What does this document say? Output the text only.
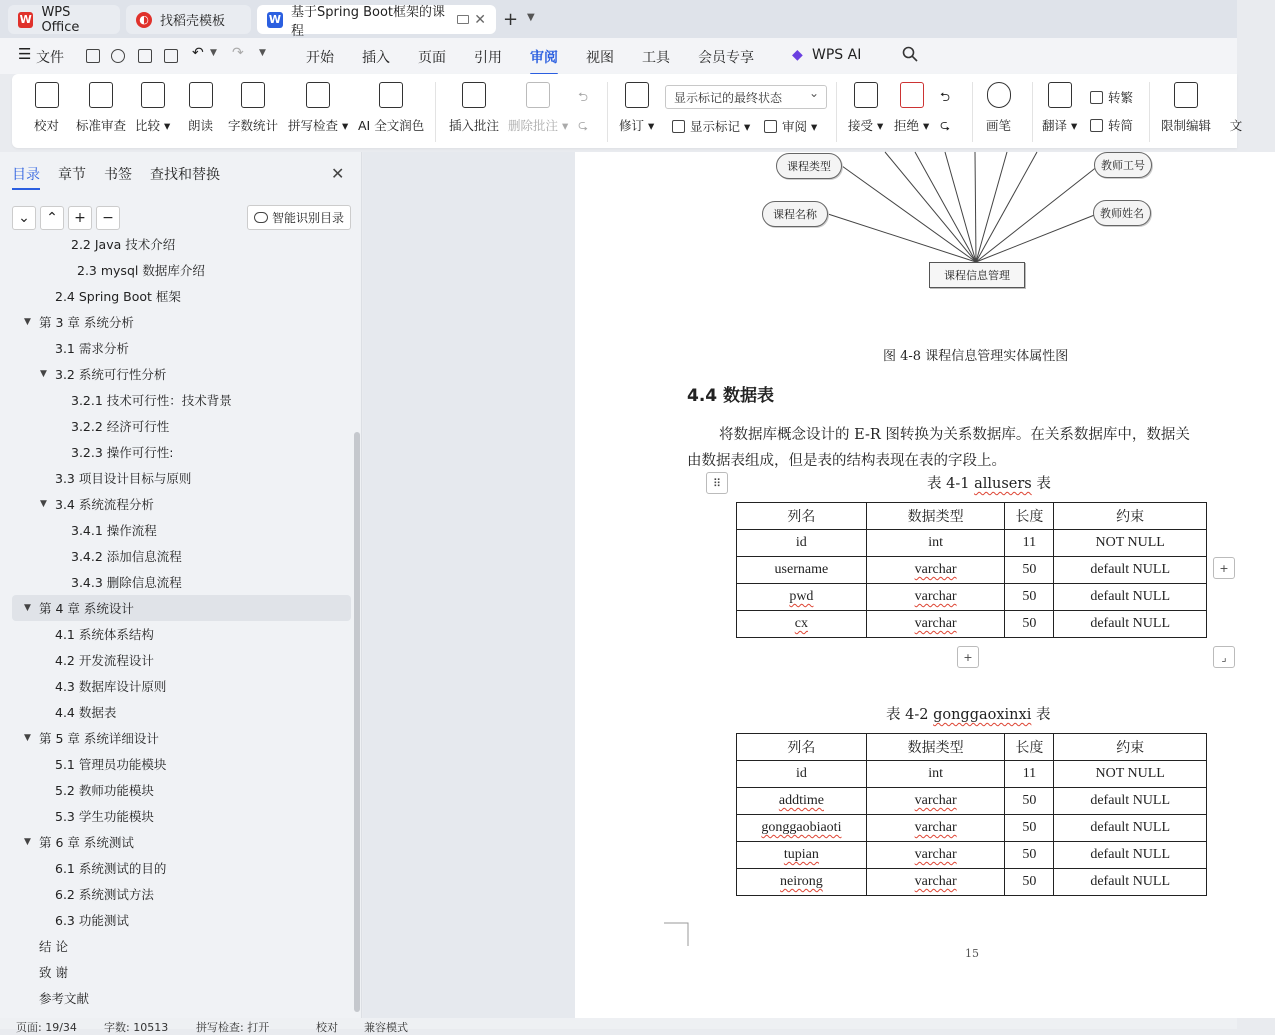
W WPS Office	◐ 找稻壳模板	W 基于Spring Boot框架的课程
✕ + ▼
☰ 文件	↶ ▼ ↷ ▼	开始 插入 页面 引用 审阅 视图 工具 会员专享	◆ WPS AI
校对 标准审查 比较 ▾ 朗读 字数统计 拼写检查 ▾ AI 全文润色 插入批注 删除批注 ▾
⮌
⮎ 修订 ▾
显示标记的最终状态 ⌄
显示标记 ▾	审阅 ▾ 接受 ▾ 拒绝 ▾
⮌
⮎	画笔 翻译 ▾
转繁
转简 限制编辑 文
目录 章节 书签 查找和替换	✕
⌄	⌃	+	−	智能识别目录
2.2 Java 技术介绍
2.3 mysql 数据库介绍
2.4 Spring Boot 框架
▼ 第 3 章 系统分析
3.1 需求分析
▼ 3.2 系统可行性分析
3.2.1 技术可行性：技术背景
3.2.2 经济可行性
3.2.3 操作可行性:
3.3 项目设计目标与原则
▼ 3.4 系统流程分析
3.4.1 操作流程
3.4.2 添加信息流程
3.4.3 删除信息流程
▼ 第 4 章 系统设计
4.1 系统体系结构
4.2 开发流程设计
4.3 数据库设计原则
4.4 数据表
▼ 第 5 章 系统详细设计
5.1 管理员功能模块
5.2 教师功能模块
5.3 学生功能模块
▼ 第 6 章 系统测试
6.1 系统测试的目的
6.2 系统测试方法
6.3 功能测试
结 论
致 谢
参考文献
课程类型
课程名称
教师工号
教师姓名
课程信息管理
图 4-8 课程信息管理实体属性图
4.4 数据表
将数据库概念设计的 E-R 图转换为关系数据库。在关系数据库中，数据关
由数据表组成，但是表的结构表现在表的字段上。
⠿	表 4-1 allusers 表
列名	数据类型	长度	约束
id	int	11	NOT NULL
username	varchar	50	default NULL
pwd	varchar	50	default NULL
cx	varchar	50	default NULL
+
+
⌟
表 4-2 gonggaoxinxi 表
列名	数据类型	长度	约束
id	int	11	NOT NULL
addtime	varchar	50	default NULL
gonggaobiaoti	varchar	50	default NULL
tupian	varchar	50	default NULL
neirong	varchar	50	default NULL
15
页面: 19/34 字数: 10513	拼写检查: 打开	校对 兼容模式
